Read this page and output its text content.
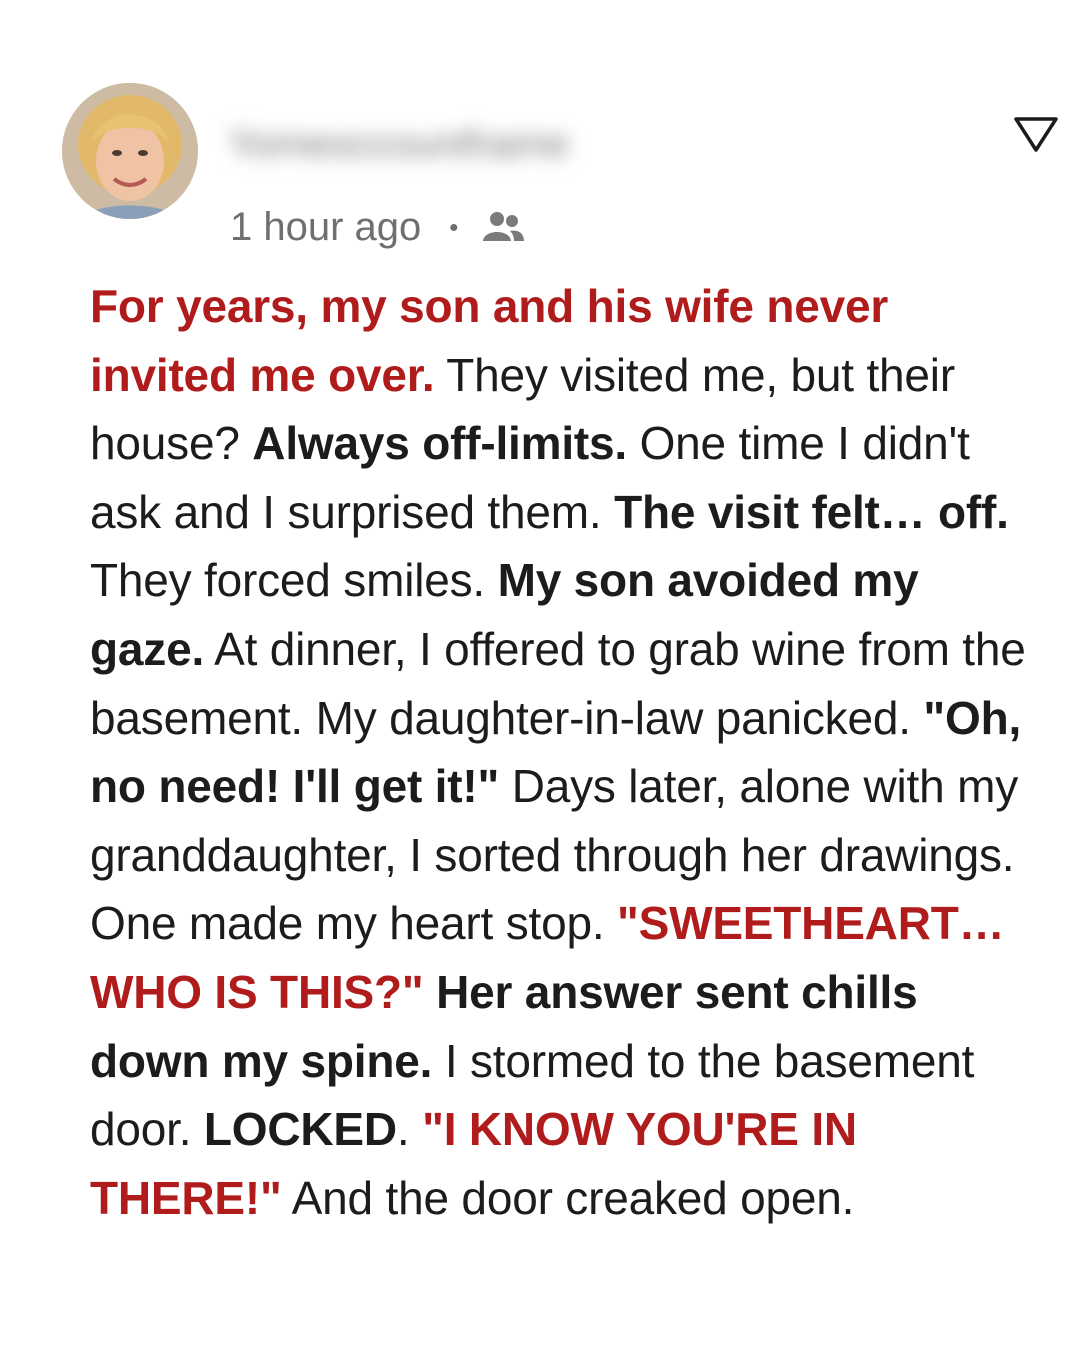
Yomeoccounthame
1 hour ago •
For years, my son and his wife never invited me over. They visited me, but their house? Always off-limits. One time I didn't ask and I surprised them. The visit felt… off. They forced smiles. My son avoided my gaze. At dinner, I offered to grab wine from the basement. My daughter-in-law panicked. "Oh, no need! I'll get it!" Days later, alone with my granddaughter, I sorted through her drawings. One made my heart stop. "SWEETHEART… WHO IS THIS?" Her answer sent chills down my spine. I stormed to the basement door. LOCKED. "I KNOW YOU'RE IN THERE!" And the door creaked open.
